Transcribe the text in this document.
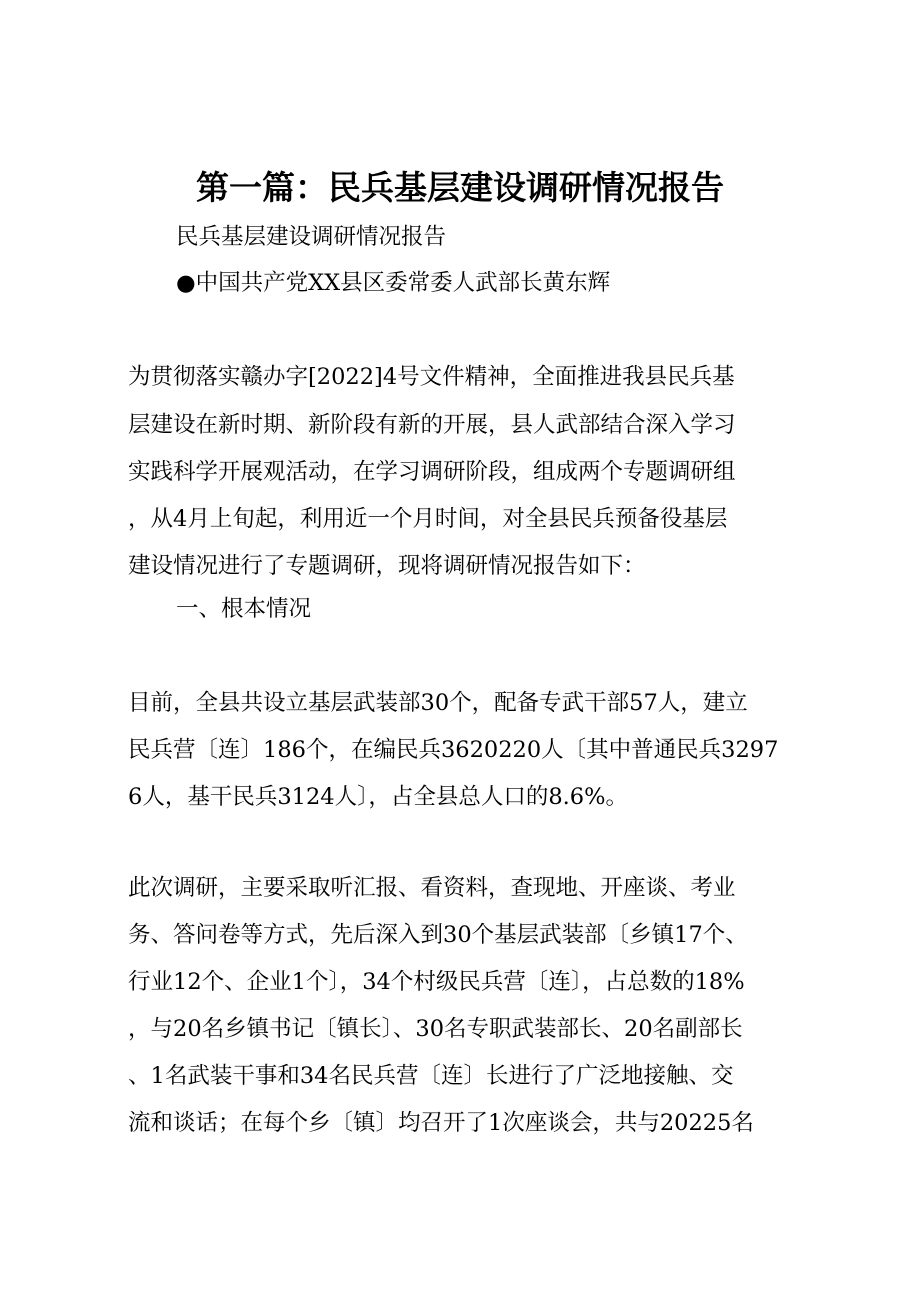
第一篇：民兵基层建设调研情况报告
民兵基层建设调研情况报告
●中国共产党XX县区委常委人武部长黄东辉
为贯彻落实赣办字[2022]4号文件精神，全面推进我县民兵基
层建设在新时期、新阶段有新的开展，县人武部结合深入学习
实践科学开展观活动，在学习调研阶段，组成两个专题调研组
，从4月上旬起，利用近一个月时间，对全县民兵预备役基层
建设情况进行了专题调研，现将调研情况报告如下：
一、根本情况
目前，全县共设立基层武装部30个，配备专武干部57人，建立
民兵营〔连〕186个，在编民兵3620220人〔其中普通民兵3297
6人，基干民兵3124人〕，占全县总人口的8.6%。
此次调研，主要采取听汇报、看资料，查现地、开座谈、考业
务、答问卷等方式，先后深入到30个基层武装部〔乡镇17个、
行业12个、企业1个〕，34个村级民兵营〔连〕，占总数的18%
，与20名乡镇书记〔镇长〕、30名专职武装部长、20名副部长
、1名武装干事和34名民兵营〔连〕长进行了广泛地接触、交
流和谈话；在每个乡〔镇〕均召开了1次座谈会，共与20225名
